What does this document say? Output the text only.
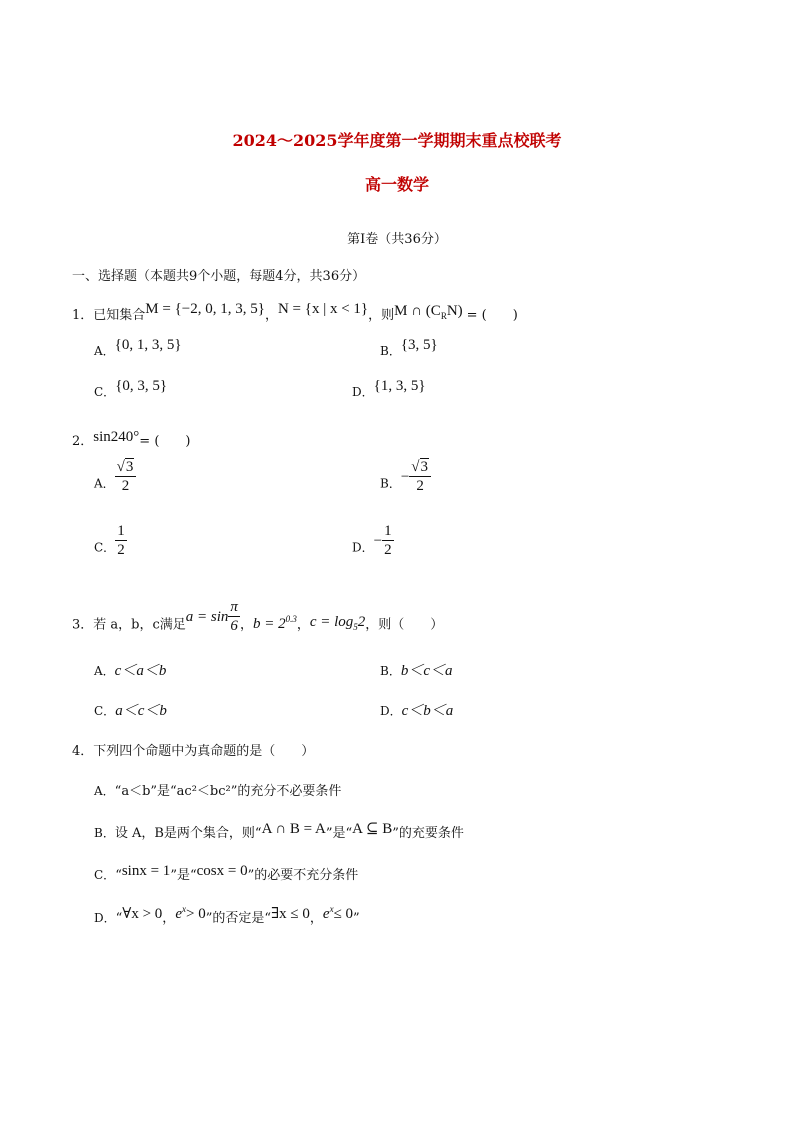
2024～2025学年度第一学期期末重点校联考
高一数学
第Ⅰ卷（共36分）
一、选择题（本题共9个小题，每题4分，共36分）
1．已知集合M = {−2, 0, 1, 3, 5}，N = {x | x < 1}，则M ∩ $(C_RN)$ = (　　)
A．{0, 1, 3, 5}	B．{3, 5}
C．{0, 3, 5}	D．{1, 3, 5}
2．sin240°= (　　)
A． $\frac{√3}{2}$	B．− $\frac{√3}{2}$
C． $\frac{1}{2}$	D．− $\frac{1}{2}$
3．若 a，b，c满足$a = \sin \frac{\pi}{6}$ ，$b = 2^{0.3}$，$c = \log_52$，则（　　）
A．c＜a＜b	B．b＜c＜a
C．a＜c＜b	D．c＜b＜a
4．下列四个命题中为真命题的是（　　）
A．“a＜b”是“ac²＜bc²”的充分不必要条件
B．设 A，B是两个集合，则“A ∩ B = A”是“A ⊆ B”的充要条件
C．“sinx = 1”是“cosx = 0”的必要不充分条件
D．“∀x > 0，$e^x> 0$”的否定是“∃x ≤ 0，$e^x\le 0$”
